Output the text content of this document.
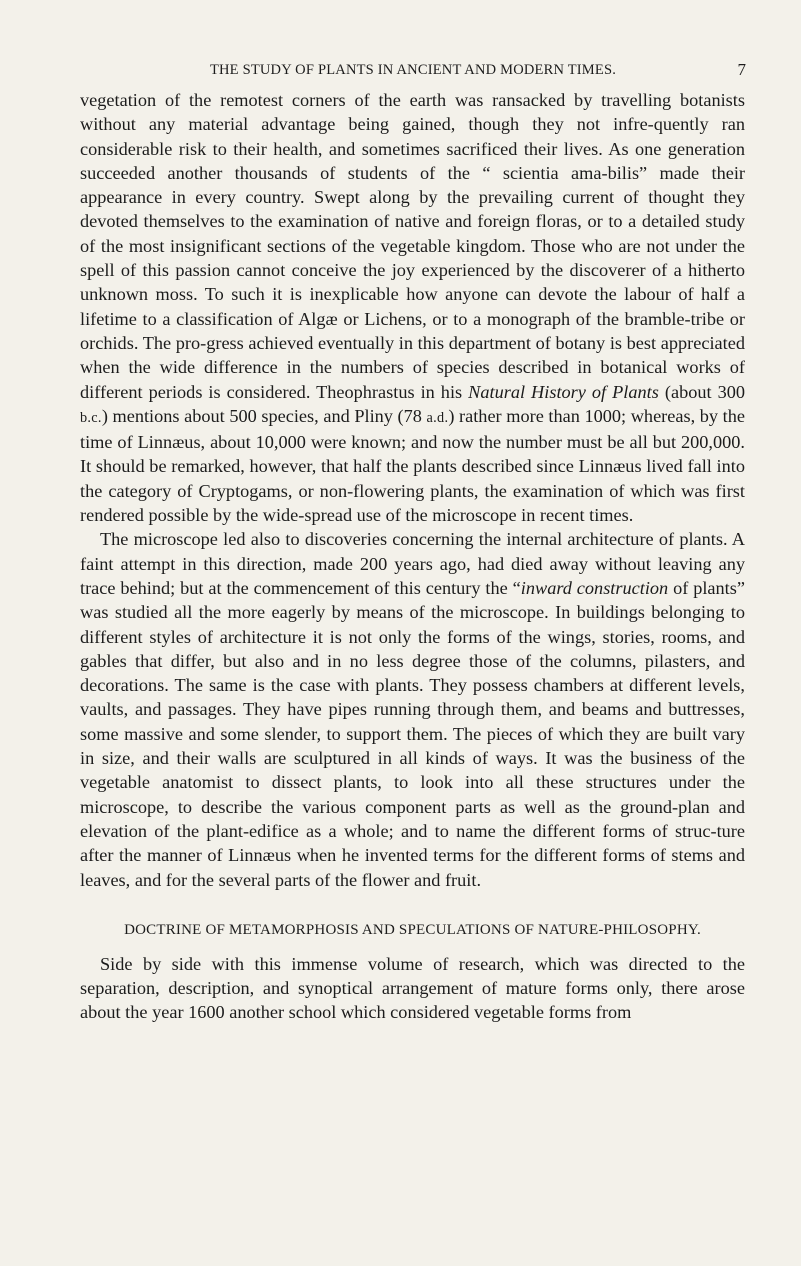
THE STUDY OF PLANTS IN ANCIENT AND MODERN TIMES.	7

vegetation of the remotest corners of the earth was ransacked by travelling botanists without any material advantage being gained, though they not infre-quently ran considerable risk to their health, and sometimes sacrificed their lives. As one generation succeeded another thousands of students of the “ scientia ama-bilis” made their appearance in every country. Swept along by the prevailing current of thought they devoted themselves to the examination of native and foreign floras, or to a detailed study of the most insignificant sections of the vegetable kingdom. Those who are not under the spell of this passion cannot conceive the joy experienced by the discoverer of a hitherto unknown moss. To such it is inexplicable how anyone can devote the labour of half a lifetime to a classification of Algæ or Lichens, or to a monograph of the bramble-tribe or orchids. The pro-gress achieved eventually in this department of botany is best appreciated when the wide difference in the numbers of species described in botanical works of different periods is considered. Theophrastus in his Natural History of Plants (about 300 b.c.) mentions about 500 species, and Pliny (78 a.d.) rather more than 1000; whereas, by the time of Linnæus, about 10,000 were known; and now the number must be all but 200,000. It should be remarked, however, that half the plants described since Linnæus lived fall into the category of Cryptogams, or non-flowering plants, the examination of which was first rendered possible by the wide-spread use of the microscope in recent times.

The microscope led also to discoveries concerning the internal architecture of plants. A faint attempt in this direction, made 200 years ago, had died away without leaving any trace behind; but at the commencement of this century the “inward construction of plants” was studied all the more eagerly by means of the microscope. In buildings belonging to different styles of architecture it is not only the forms of the wings, stories, rooms, and gables that differ, but also and in no less degree those of the columns, pilasters, and decorations. The same is the case with plants. They possess chambers at different levels, vaults, and passages. They have pipes running through them, and beams and buttresses, some massive and some slender, to support them. The pieces of which they are built vary in size, and their walls are sculptured in all kinds of ways. It was the business of the vegetable anatomist to dissect plants, to look into all these structures under the microscope, to describe the various component parts as well as the ground-plan and elevation of the plant-edifice as a whole; and to name the different forms of struc-ture after the manner of Linnæus when he invented terms for the different forms of stems and leaves, and for the several parts of the flower and fruit.

DOCTRINE OF METAMORPHOSIS AND SPECULATIONS OF NATURE-PHILOSOPHY.

Side by side with this immense volume of research, which was directed to the separation, description, and synoptical arrangement of mature forms only, there arose about the year 1600 another school which considered vegetable forms from
